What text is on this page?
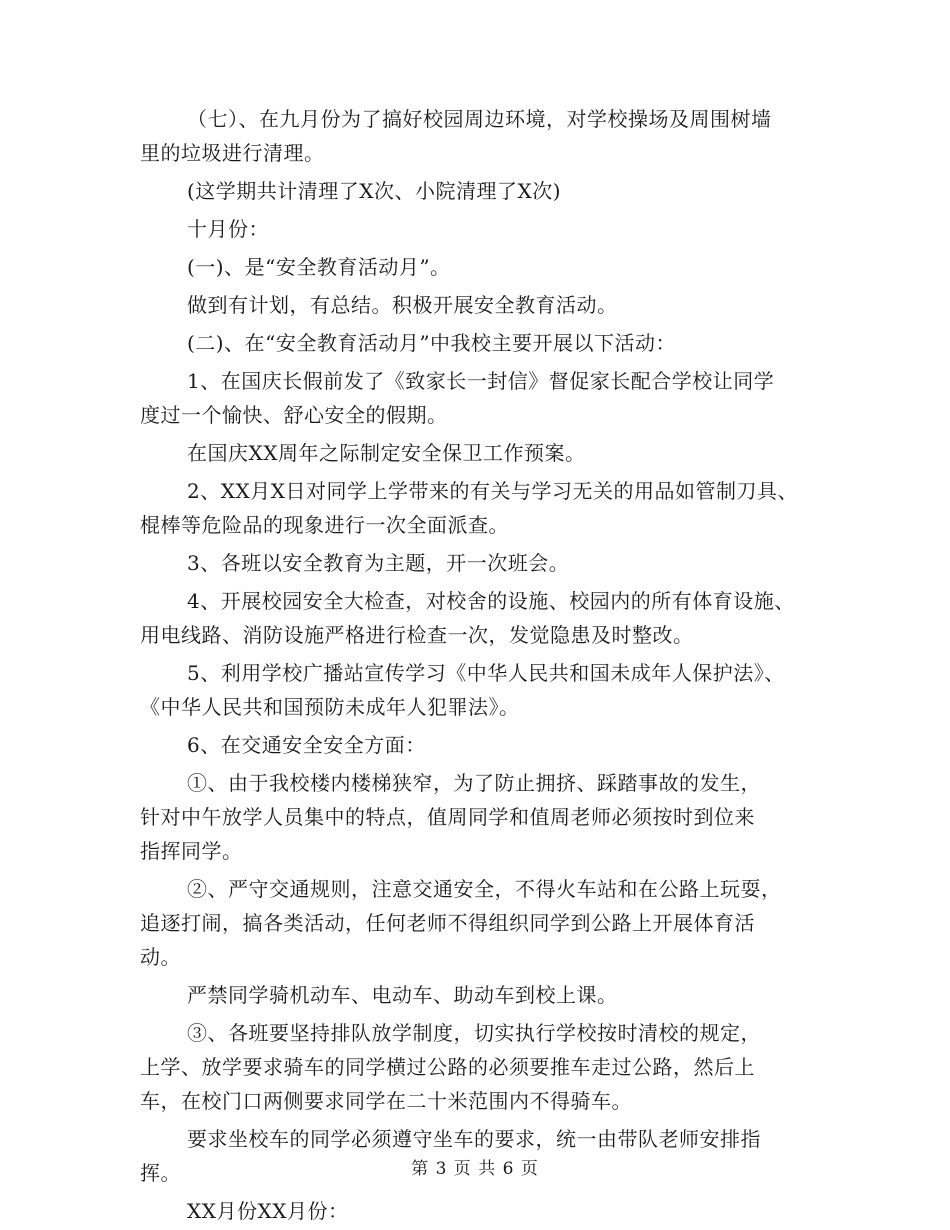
（七）、在九月份为了搞好校园周边环境，对学校操场及周围树墙
里的垃圾进行清理。
(这学期共计清理了X次、小院清理了X次)
十月份：
(一)、是“安全教育活动月”。
做到有计划，有总结。积极开展安全教育活动。
(二)、在“安全教育活动月”中我校主要开展以下活动：
1、在国庆长假前发了《致家长一封信》督促家长配合学校让同学
度过一个愉快、舒心安全的假期。
在国庆XX周年之际制定安全保卫工作预案。
2、XX月X日对同学上学带来的有关与学习无关的用品如管制刀具、
棍棒等危险品的现象进行一次全面派查。
3、各班以安全教育为主题，开一次班会。
4、开展校园安全大检查，对校舍的设施、校园内的所有体育设施、
用电线路、消防设施严格进行检查一次，发觉隐患及时整改。
5、利用学校广播站宣传学习《中华人民共和国未成年人保护法》、
《中华人民共和国预防未成年人犯罪法》。
6、在交通安全安全方面：
①、由于我校楼内楼梯狭窄，为了防止拥挤、踩踏事故的发生，
针对中午放学人员集中的特点，值周同学和值周老师必须按时到位来
指挥同学。
②、严守交通规则，注意交通安全，不得火车站和在公路上玩耍，
追逐打闹，搞各类活动，任何老师不得组织同学到公路上开展体育活
动。
严禁同学骑机动车、电动车、助动车到校上课。
③、各班要坚持排队放学制度，切实执行学校按时清校的规定，
上学、放学要求骑车的同学横过公路的必须要推车走过公路，然后上
车，在校门口两侧要求同学在二十米范围内不得骑车。
要求坐校车的同学必须遵守坐车的要求，统一由带队老师安排指
挥。
XX月份XX月份：
第 3 页 共 6 页
